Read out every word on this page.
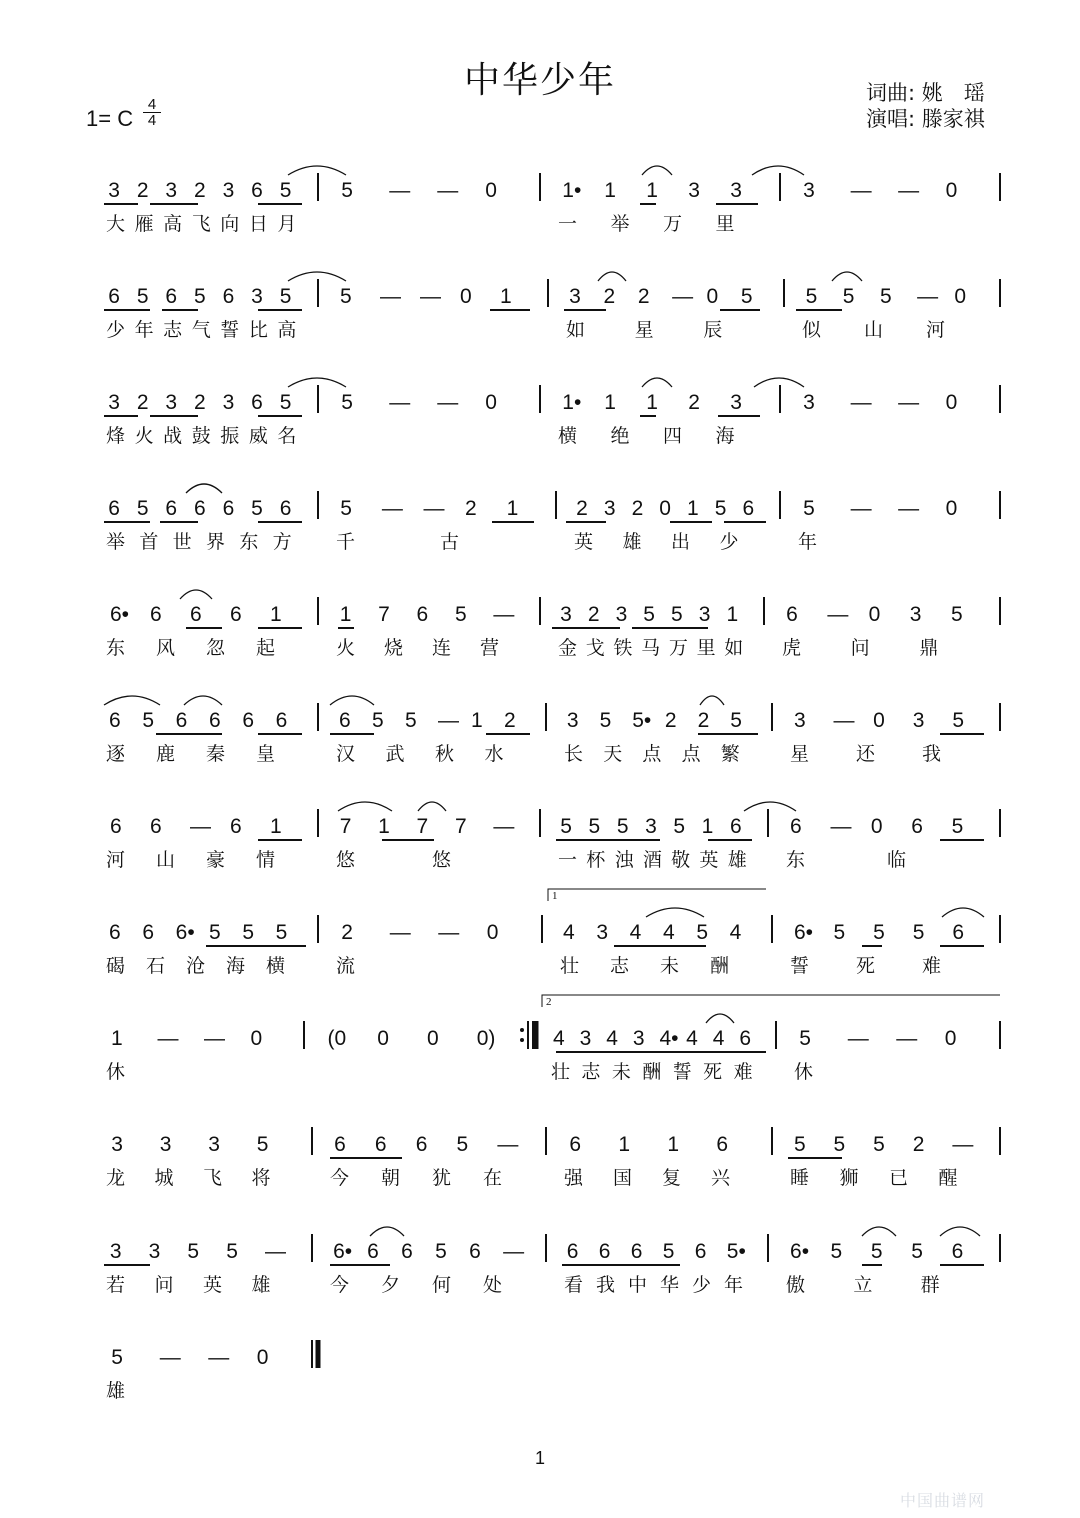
中华少年
1= C $\frac{4}{4}$
词曲: 姚　瑶
演唱: 滕家祺
3 2 3 2 3 6 5
大 雁 高 飞 向 日 月
5 — — 0	1• 1 1 3 3
一 举 万 里
3 — — 0
6 5 6 5 6 3 5
少 年 志 气 誓 比 高
5 — — 0 1	3 2 2 — 0 5
如	星	辰
5 5 5 — 0
似 山 河
3 2 3 2 3 6 5
烽 火 战 鼓 振 威 名
5 — — 0	1• 1 1 2 3
横 绝 四 海
3 — — 0
6 5 6 6 6 5 6
举 首 世 界 东 方
5 — — 2 1
千	古
2 3 2 0 1 5 6
英 雄 出 少
5 — — 0
年
6• 6 6 6 1
东 风 忽 起
1 7 6 5 —
火 烧 连 营
3 2 3 5 5 3 1
金 戈 铁 马 万 里 如
6 — 0 3 5
虎	问	鼎
6 5 6 6 6 6
逐 鹿 秦 皇
6 5 5 — 1 2
汉 武 秋 水
3 5 5• 2 2 5
长 天 点 点 繁
3 — 0 3 5
星 还 我
6 6 — 6 1
河 山 豪 情
7 1 7 7 —
悠	悠
5 5 5 3 5 1 6
一 杯 浊 酒 敬 英 雄
6 — 0 6 5
东	临
6 6 6• 5 5 5
碣 石 沧 海 横
2 — — 0
流
4 3 4 4 5 4
壮 志 未 酬
6• 5 5 5 6
誓 死 难
1
1 — — 0
休
(0 0 0 0)	4 3 4 3 4• 4 4 6
壮 志 未 酬 誓 死 难
5 — — 0
休
2
3 3 3 5
龙 城 飞 将
6 6 6 5 —
今 朝 犹 在
6 1 1 6
强 国 复 兴
5 5 5 2 —
睡 狮 已 醒
3 3 5 5 —
若 问 英 雄
6• 6 6 5 6 —
今 夕 何 处
6 6 6 5 6 5•
看 我 中 华 少 年
6• 5 5 5 6
傲	立	群
5 — — 0
雄
1
中国曲谱网
